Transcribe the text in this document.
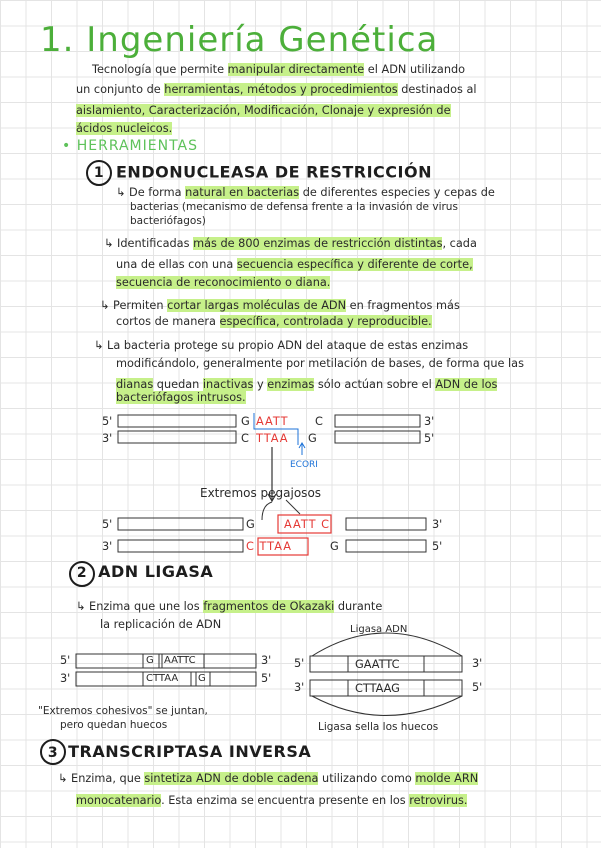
1. Ingeniería Genética
Tecnología que permite manipular directamente el ADN utilizando
un conjunto de herramientas, métodos y procedimientos destinados al
aislamiento, Caracterización, Modificación, Clonaje y expresión de
ácidos nucleicos.
• HERRAMIENTAS
1 ENDONUCLEASA DE RESTRICCIÓN
↳ De forma natural en bacterias de diferentes especies y cepas de
bacterias (mecanismo de defensa frente a la invasión de virus
bacteriófagos)
↳ Identificadas más de 800 enzimas de restricción distintas, cada
una de ellas con una secuencia específica y diferente de corte,
secuencia de reconocimiento o diana.
↳ Permiten cortar largas moléculas de ADN en fragmentos más
cortos de manera específica, controlada y reproducible.
↳ La bacteria protege su propio ADN del ataque de estas enzimas
modificándolo, generalmente por metilación de bases, de forma que las
dianas quedan inactivas y enzimas sólo actúan sobre el ADN de los
bacteriófagos intrusos.
5'
3'
3'
5'
G AATT C
C TTAA G
ECORI
Extremos pegajosos
5'
3'
G	AATT C
C TTAA	G
3'
5'
2 ADN LIGASA
↳ Enzima que une los fragmentos de Okazaki durante
la replicación de ADN	Ligasa ADN
5'
3'
3'
5'
G AATTC
CTTAA G
5'
3'
3'
5'
GAATTC
CTTAAG
"Extremos cohesivos" se juntan,
pero quedan huecos	Ligasa sella los huecos
3 TRANSCRIPTASA INVERSA
↳ Enzima, que sintetiza ADN de doble cadena utilizando como molde ARN
monocatenario. Esta enzima se encuentra presente en los retrovirus.
